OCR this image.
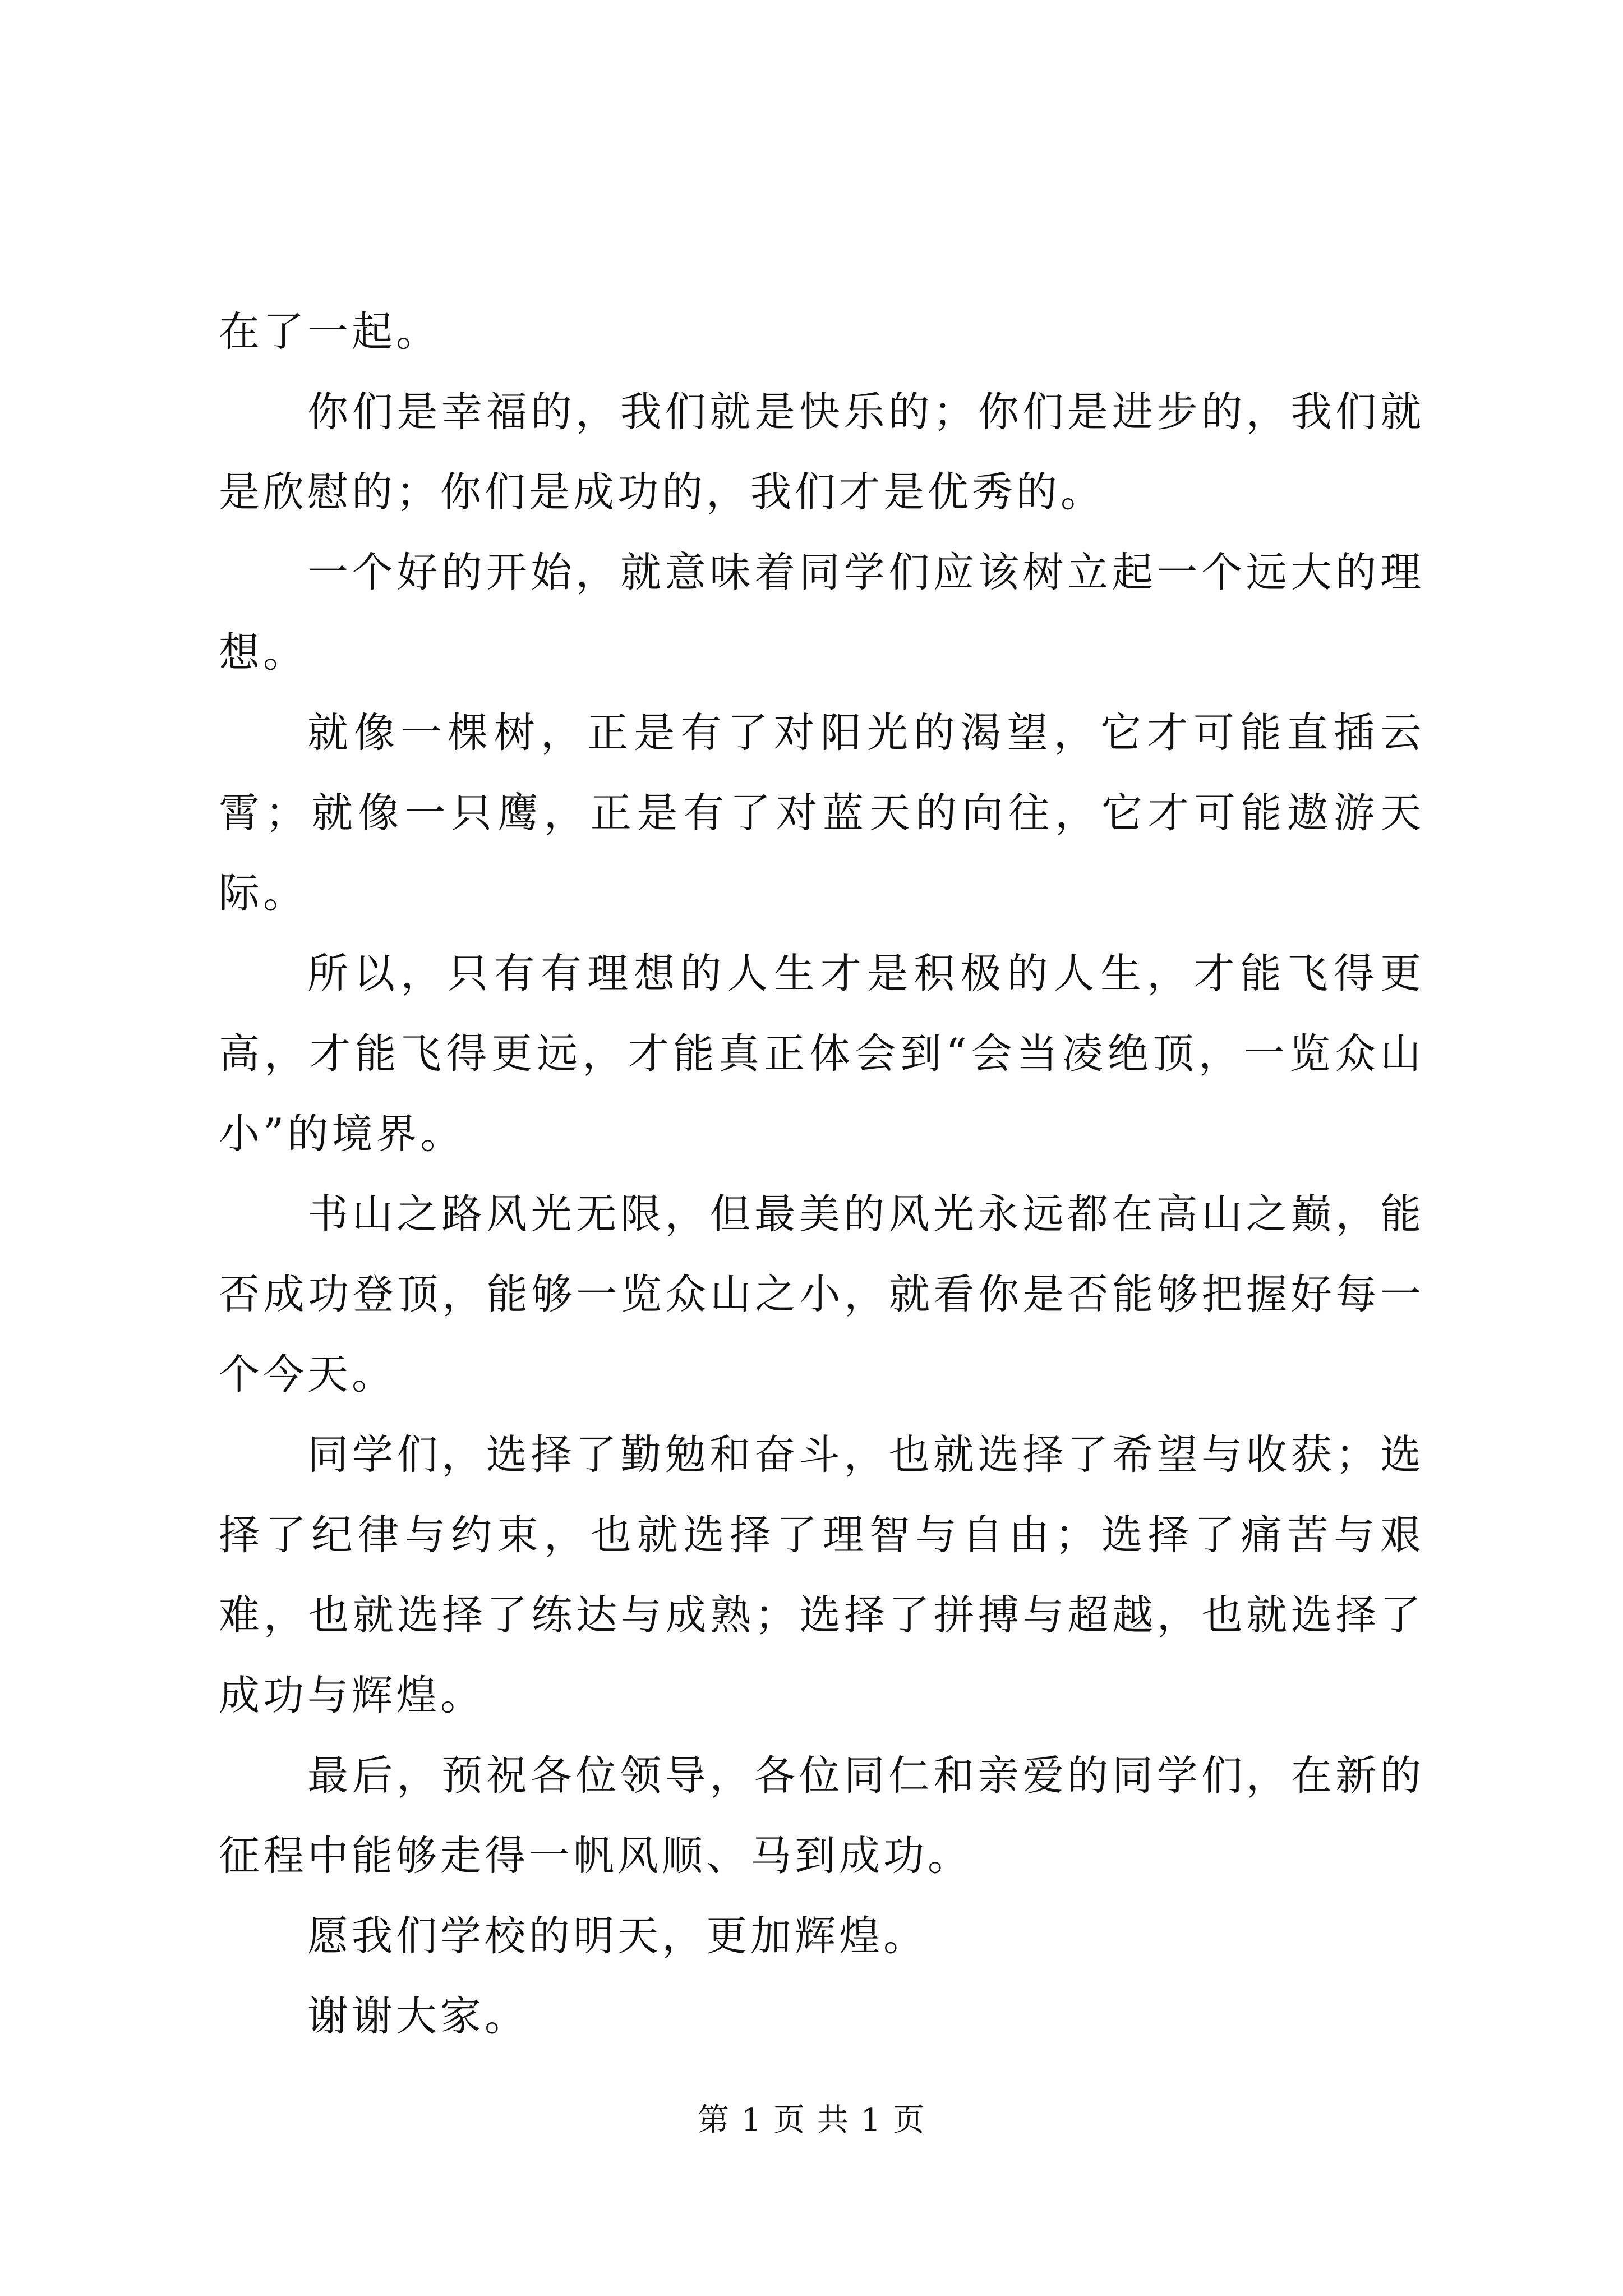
在了一起。

你们是幸福的，我们就是快乐的；你们是进步的，我们就是欣慰的；你们是成功的，我们才是优秀的。

一个好的开始，就意味着同学们应该树立起一个远大的理想。

就像一棵树，正是有了对阳光的渴望，它才可能直插云霄；就像一只鹰，正是有了对蓝天的向往，它才可能遨游天际。

所以，只有有理想的人生才是积极的人生，才能飞得更高，才能飞得更远，才能真正体会到“会当凌绝顶，一览众山小”的境界。

书山之路风光无限，但最美的风光永远都在高山之巅，能否成功登顶，能够一览众山之小，就看你是否能够把握好每一个今天。

同学们，选择了勤勉和奋斗，也就选择了希望与收获；选择了纪律与约束，也就选择了理智与自由；选择了痛苦与艰难，也就选择了练达与成熟；选择了拼搏与超越，也就选择了成功与辉煌。

最后，预祝各位领导，各位同仁和亲爱的同学们，在新的征程中能够走得一帆风顺、马到成功。

愿我们学校的明天，更加辉煌。

谢谢大家。

第 1 页 共 1 页
